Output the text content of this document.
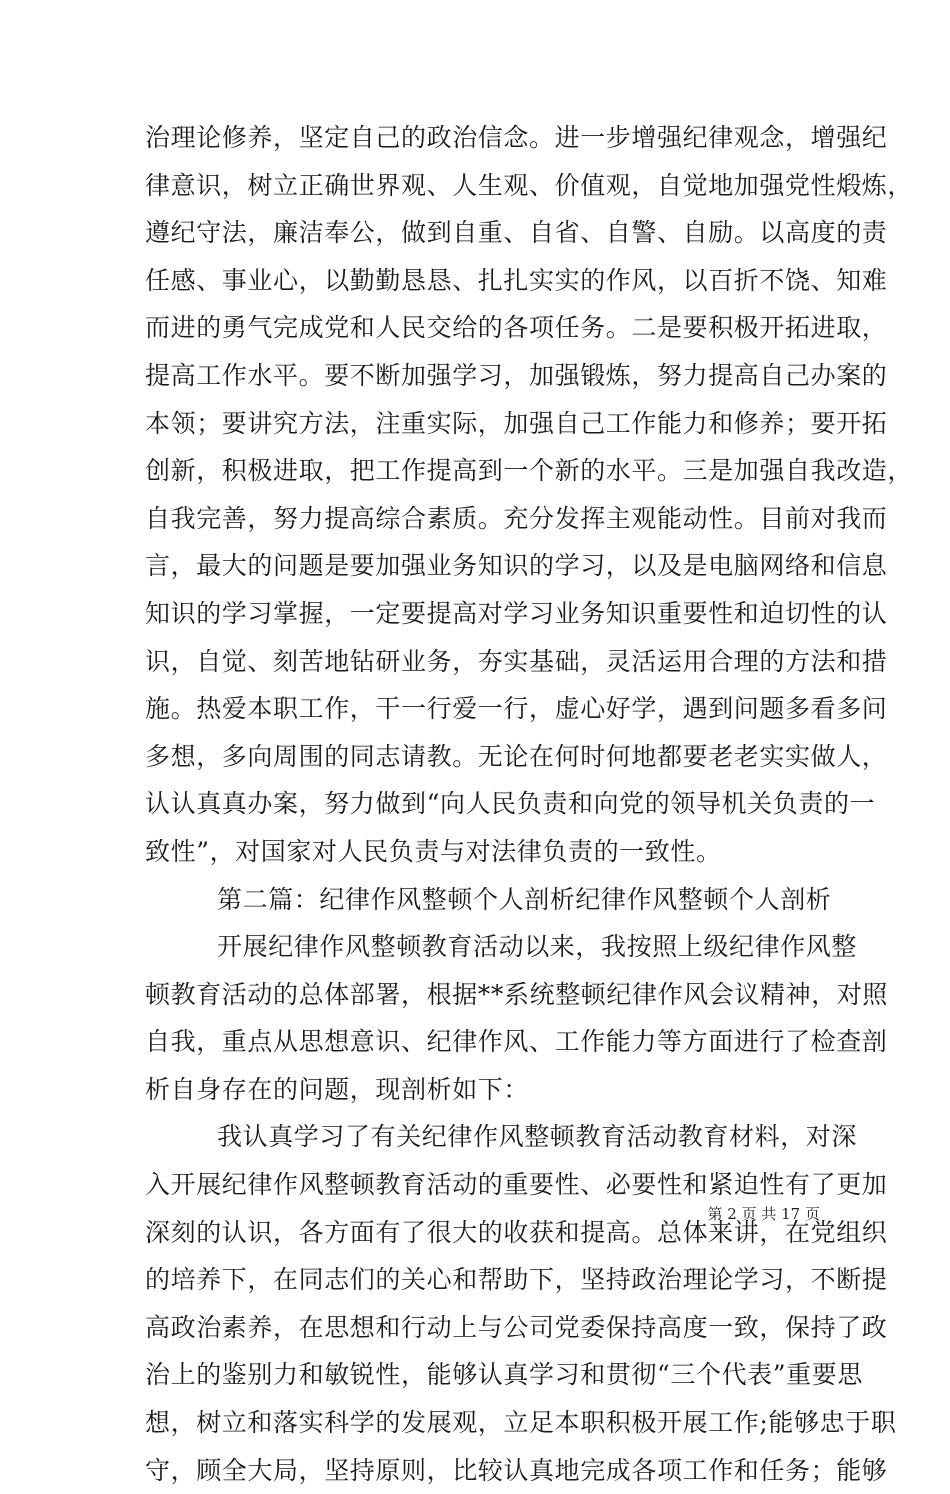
治理论修养，坚定自己的政治信念。进一步增强纪律观念，增强纪
律意识，树立正确世界观、人生观、价值观，自觉地加强党性煅炼，
遵纪守法，廉洁奉公，做到自重、自省、自警、自励。以高度的责
任感、事业心，以勤勤恳恳、扎扎实实的作风，以百折不饶、知难
而进的勇气完成党和人民交给的各项任务。二是要积极开拓进取，
提高工作水平。要不断加强学习，加强锻炼，努力提高自己办案的
本领；要讲究方法，注重实际，加强自己工作能力和修养；要开拓
创新，积极进取，把工作提高到一个新的水平。三是加强自我改造，
自我完善，努力提高综合素质。充分发挥主观能动性。目前对我而
言，最大的问题是要加强业务知识的学习，以及是电脑网络和信息
知识的学习掌握，一定要提高对学习业务知识重要性和迫切性的认
识，自觉、刻苦地钻研业务，夯实基础，灵活运用合理的方法和措
施。热爱本职工作，干一行爱一行，虚心好学，遇到问题多看多问
多想，多向周围的同志请教。无论在何时何地都要老老实实做人，
认认真真办案，努力做到“向人民负责和向党的领导机关负责的一
致性”，对国家对人民负责与对法律负责的一致性。
第二篇：纪律作风整顿个人剖析纪律作风整顿个人剖析
开展纪律作风整顿教育活动以来，我按照上级纪律作风整
顿教育活动的总体部署，根据**系统整顿纪律作风会议精神，对照
自我，重点从思想意识、纪律作风、工作能力等方面进行了检查剖
析自身存在的问题，现剖析如下：
我认真学习了有关纪律作风整顿教育活动教育材料，对深
入开展纪律作风整顿教育活动的重要性、必要性和紧迫性有了更加
深刻的认识，各方面有了很大的收获和提高。总体来讲，在党组织
的培养下，在同志们的关心和帮助下，坚持政治理论学习，不断提
高政治素养，在思想和行动上与公司党委保持高度一致，保持了政
治上的鉴别力和敏锐性，能够认真学习和贯彻“三个代表”重要思
想，树立和落实科学的发展观，立足本职积极开展工作;能够忠于职
守，顾全大局，坚持原则，比较认真地完成各项工作和任务；能够
第 2 页 共 17 页
